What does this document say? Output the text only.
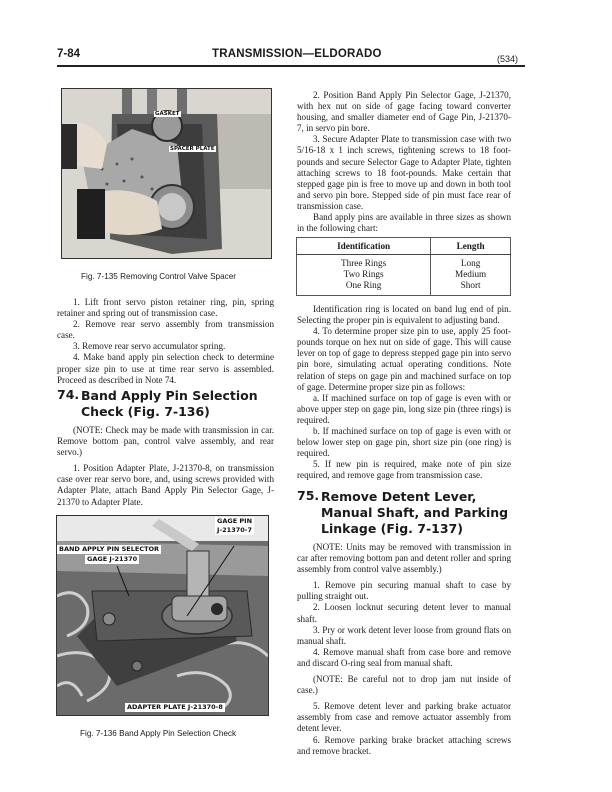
7-84	TRANSMISSION—ELDORADO	(534)
GASKET
SPACER PLATE
Fig. 7-135 Removing Control Valve Spacer

1. Lift front servo piston retainer ring, pin, spring retainer and spring out of transmission case.

2. Remove rear servo assembly from transmission case.

3. Remove rear servo accumulator spring.

4. Make band apply pin selection check to determine proper size pin to use at time rear servo is assembled. Proceed as described in Note 74.

74. Band Apply Pin Selection Check (Fig. 7-136)

(NOTE: Check may be made with transmission in car. Remove bottom pan, control valve assembly, and rear servo.)

1. Position Adapter Plate, J-21370-8, on transmission case over rear servo bore, and, using screws provided with Adapter Plate, attach Band Apply Pin Selector Gage, J-21370 to Adapter Plate.

GAGE PIN
J-21370-7
BAND APPLY PIN SELECTOR
GAGE J-21370
ADAPTER PLATE J-21370-8
Fig. 7-136 Band Apply Pin Selection Check

2. Position Band Apply Pin Selector Gage, J-21370, with hex nut on side of gage facing toward converter housing, and smaller diameter end of Gage Pin, J-21370-7, in servo pin bore.

3. Secure Adapter Plate to transmission case with two 5/16-18 x 1 inch screws, tightening screws to 18 foot-pounds and secure Selector Gage to Adapter Plate, tighten attaching screws to 18 foot-pounds. Make certain that stepped gage pin is free to move up and down in both tool and servo pin bore. Stepped side of pin must face rear of transmission case.

Band apply pins are available in three sizes as shown in the following chart:

Identification	Length
Three Rings	Long
Two Rings	Medium
One Ring	Short

Identification ring is located on band lug end of pin. Selecting the proper pin is equivalent to adjusting band.

4. To determine proper size pin to use, apply 25 foot-pounds torque on hex nut on side of gage. This will cause lever on top of gage to depress stepped gage pin into servo pin bore, simulating actual operating conditions. Note relation of steps on gage pin and machined surface on top of gage. Determine proper size pin as follows:

a. If machined surface on top of gage is even with or above upper step on gage pin, long size pin (three rings) is required.

b. If machined surface on top of gage is even with or below lower step on gage pin, short size pin (one ring) is required.

5. If new pin is required, make note of pin size required, and remove gage from transmission case.

75. Remove Detent Lever, Manual Shaft, and Parking Linkage (Fig. 7-137)

(NOTE: Units may be removed with transmission in car after removing bottom pan and detent roller and spring assembly from control valve assembly.)

1. Remove pin securing manual shaft to case by pulling straight out.

2. Loosen locknut securing detent lever to manual shaft.

3. Pry or work detent lever loose from ground flats on manual shaft.

4. Remove manual shaft from case bore and remove and discard O-ring seal from manual shaft.

(NOTE: Be careful not to drop jam nut inside of case.)

5. Remove detent lever and parking brake actuator assembly from case and remove actuator assembly from detent lever.

6. Remove parking brake bracket attaching screws and remove bracket.
